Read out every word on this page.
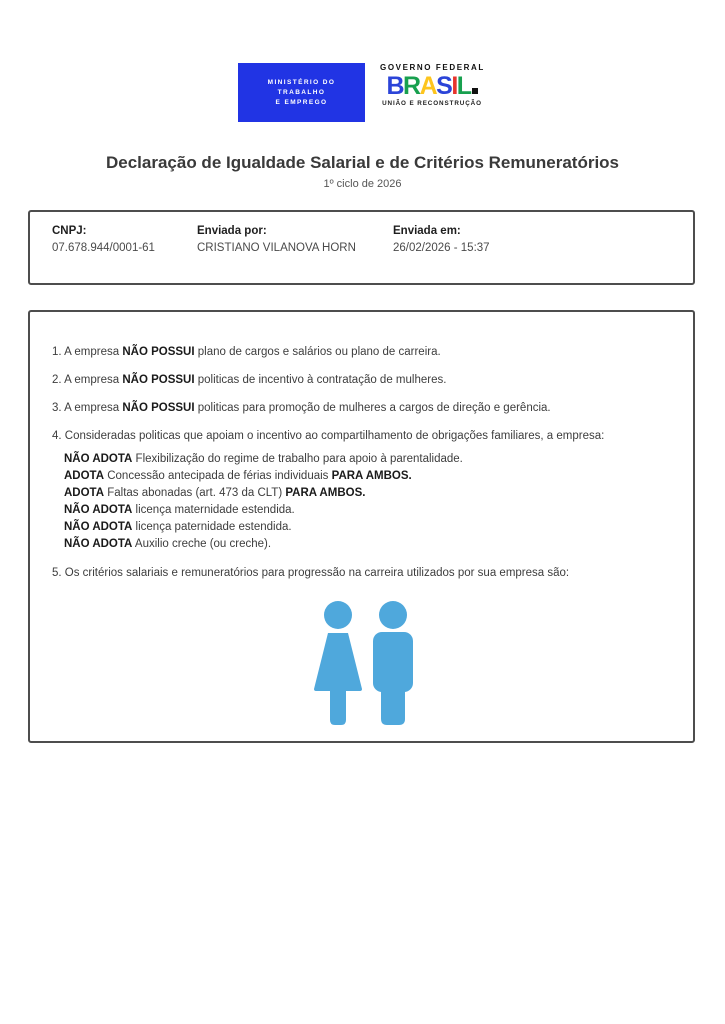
MINISTÉRIO DO
TRABALHO
E EMPREGO
GOVERNO FEDERAL
BRASIL
UNIÃO E RECONSTRUÇÃO
Declaração de Igualdade Salarial e de Critérios Remuneratórios
1º ciclo de 2026
CNPJ:
07.678.944/0001-61
Enviada por:
CRISTIANO VILANOVA HORN
Enviada em:
26/02/2026 - 15:37

1. A empresa NÃO POSSUI plano de cargos e salários ou plano de carreira.

2. A empresa NÃO POSSUI politicas de incentivo à contratação de mulheres.

3. A empresa NÃO POSSUI politicas para promoção de mulheres a cargos de direção e gerência.

4. Consideradas politicas que apoiam o incentivo ao compartilhamento de obrigações familiares, a empresa:

NÃO ADOTA Flexibilização do regime de trabalho para apoio à parentalidade.

ADOTA Concessão antecipada de férias individuais PARA AMBOS.

ADOTA Faltas abonadas (art. 473 da CLT) PARA AMBOS.

NÃO ADOTA licença maternidade estendida.

NÃO ADOTA licença paternidade estendida.

NÃO ADOTA Auxilio creche (ou creche).

5. Os critérios salariais e remuneratórios para progressão na carreira utilizados por sua empresa são:
